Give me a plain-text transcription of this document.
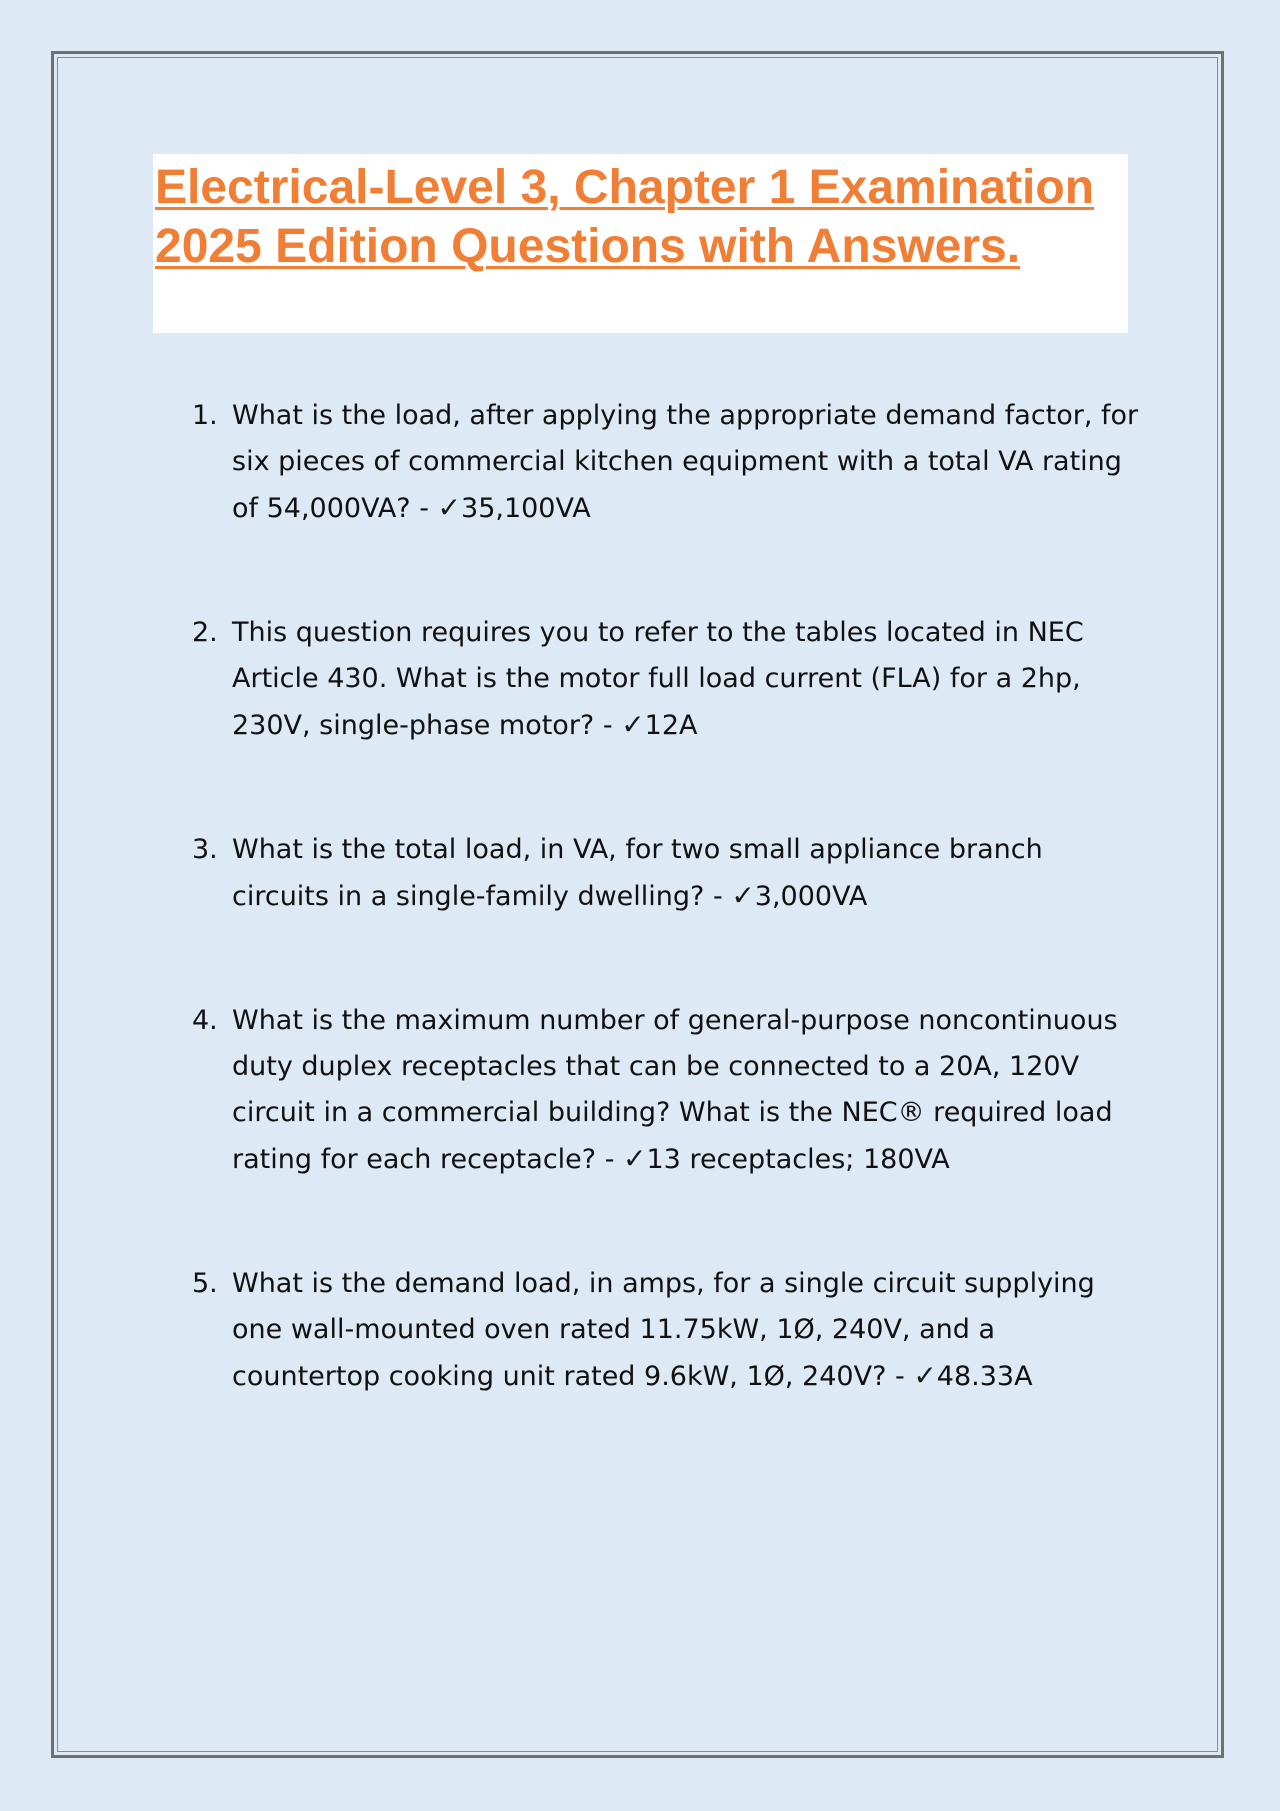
Electrical-Level 3, Chapter 1 Examination 2025 Edition Questions with Answers.
1. What is the load, after applying the appropriate demand factor, for six pieces of commercial kitchen equipment with a total VA rating of 54,000VA? - ✓35,100VA
2. This question requires you to refer to the tables located in NEC Article 430. What is the motor full load current (FLA) for a 2hp, 230V, single-phase motor? - ✓12A
3. What is the total load, in VA, for two small appliance branch circuits in a single-family dwelling? - ✓3,000VA
4. What is the maximum number of general-purpose noncontinuous duty duplex receptacles that can be connected to a 20A, 120V circuit in a commercial building? What is the NEC® required load rating for each receptacle? - ✓13 receptacles; 180VA
5. What is the demand load, in amps, for a single circuit supplying one wall-mounted oven rated 11.75kW, 1Ø, 240V, and a countertop cooking unit rated 9.6kW, 1Ø, 240V? - ✓48.33A
